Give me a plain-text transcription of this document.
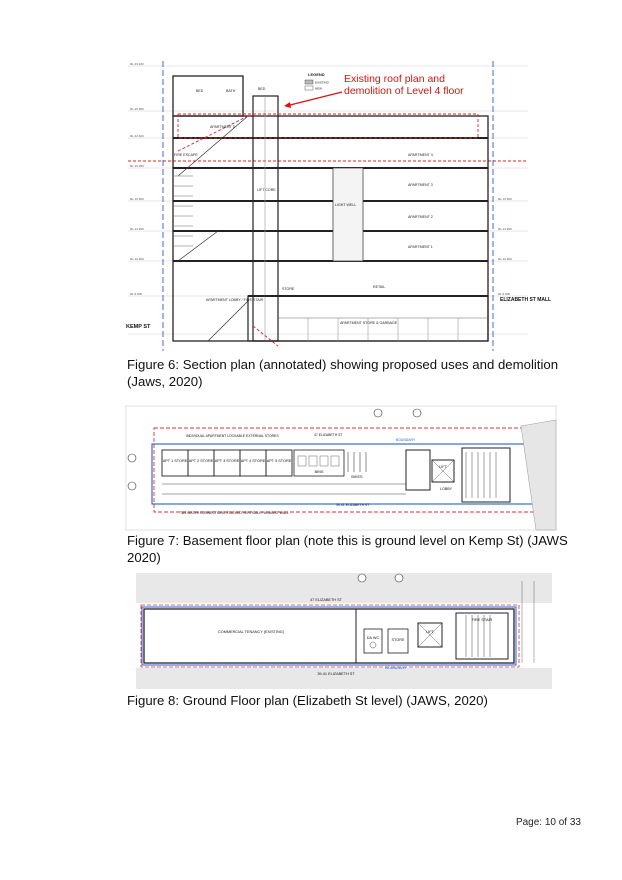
RL 29.100
RL 25.300
RL 22.400
RL 19.350
RL 16.300
RL 13.250
RL 10.200
RL 6.900
RL 16.300
RL 13.250
RL 10.200
RL 6.900
LEGEND
EXISTING
NEW
Existing roof plan and
demolition of Level 4 floor
BED	BATH	BED
APARTMENT 5
APARTMENT 4
APARTMENT 3
APARTMENT 2
APARTMENT 1
LIFT CORE
LIGHT WELL
STORE	RETAIL
APARTMENT LOBBY / FIRE STAIR
APARTMENT STORE & GARBAGE
FIRE ESCAPE
KEMP ST
ELIZABETH ST MALL
Figure 6: Section plan (annotated) showing proposed uses and demolition (Jaws, 2020)
APT 1 STORE APT 2 STORE APT 3 STORE APT 4 STORE APT 5 STORE
BINS
BIKES
LIFT
LOBBY
INDIVIDUAL APARTMENT LOCKABLE EXTERNAL STORES	47 ELIZABETH ST
39-41 ELIZABETH ST
TAS WATER CONNECTIONS STACKED VERTICALLY AGAINST WALL
BOUNDARY
Figure 7: Basement floor plan (note this is ground level on Kemp St) (JAWS 2020)
COMMERCIAL TENANCY (EXISTING)
DA WC	STORE
LIFT
FIRE STAIR
47 ELIZABETH ST
39-41 ELIZABETH ST
BOUNDARY
Figure 8: Ground Floor plan (Elizabeth St level) (JAWS, 2020)
Page: 10 of 33
